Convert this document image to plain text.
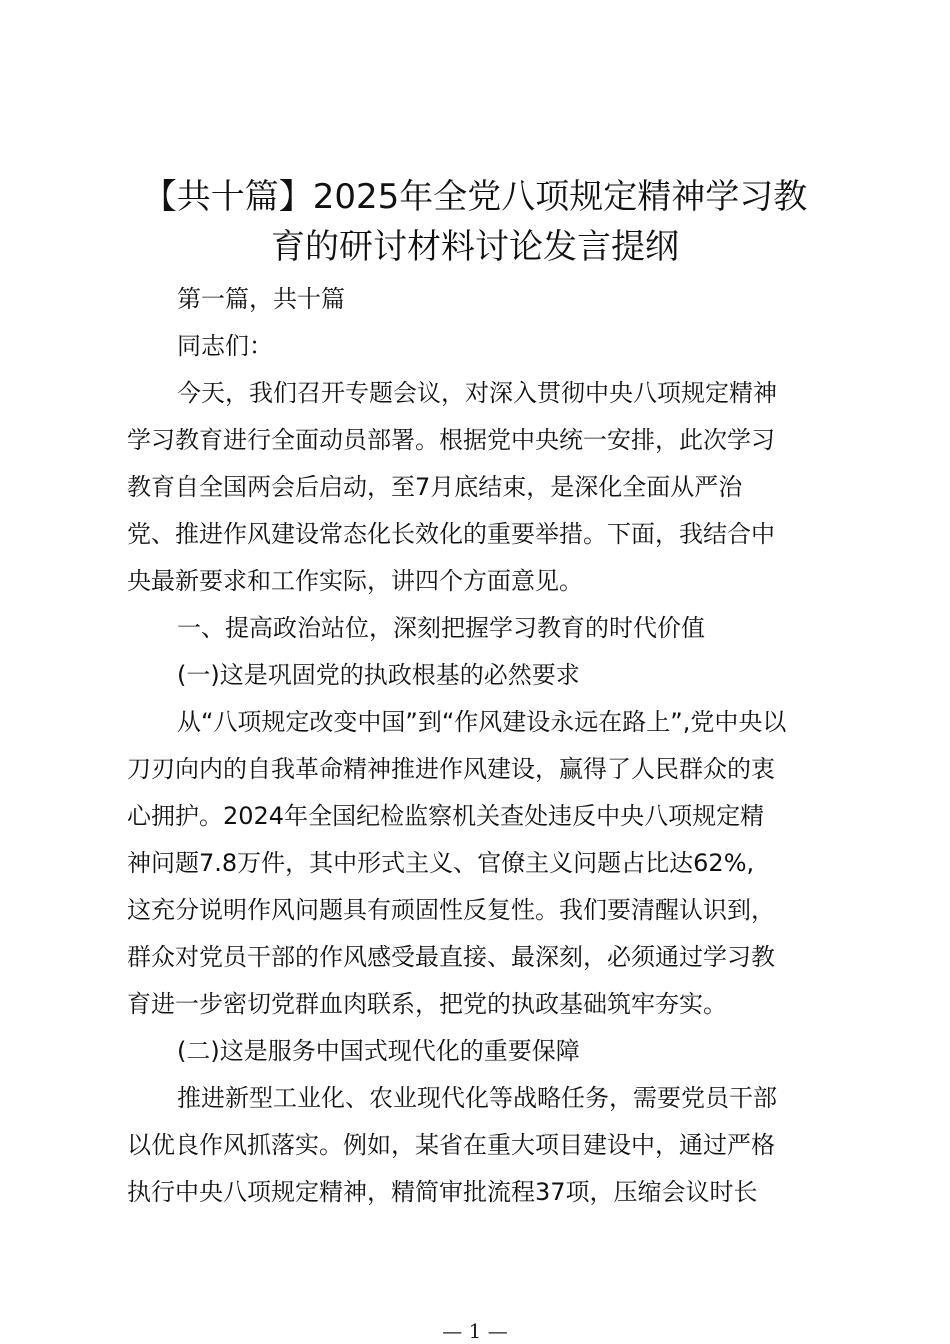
【共十篇】2025年全党八项规定精神学习教
育的研讨材料讨论发言提纲
第一篇，共十篇
同志们：
今天，我们召开专题会议，对深入贯彻中央八项规定精神
学习教育进行全面动员部署。根据党中央统一安排，此次学习
教育自全国两会后启动，至7月底结束，是深化全面从严治
党、推进作风建设常态化长效化的重要举措。下面，我结合中
央最新要求和工作实际，讲四个方面意见。
一、提高政治站位，深刻把握学习教育的时代价值
(一)这是巩固党的执政根基的必然要求
从“八项规定改变中国”到“作风建设永远在路上”,党中央以
刀刃向内的自我革命精神推进作风建设，赢得了人民群众的衷
心拥护。2024年全国纪检监察机关查处违反中央八项规定精
神问题7.8万件，其中形式主义、官僚主义问题占比达62%,
这充分说明作风问题具有顽固性反复性。我们要清醒认识到，
群众对党员干部的作风感受最直接、最深刻，必须通过学习教
育进一步密切党群血肉联系，把党的执政基础筑牢夯实。
(二)这是服务中国式现代化的重要保障
推进新型工业化、农业现代化等战略任务，需要党员干部
以优良作风抓落实。例如，某省在重大项目建设中，通过严格
执行中央八项规定精神，精简审批流程37项，压缩会议时长
— 1 —
